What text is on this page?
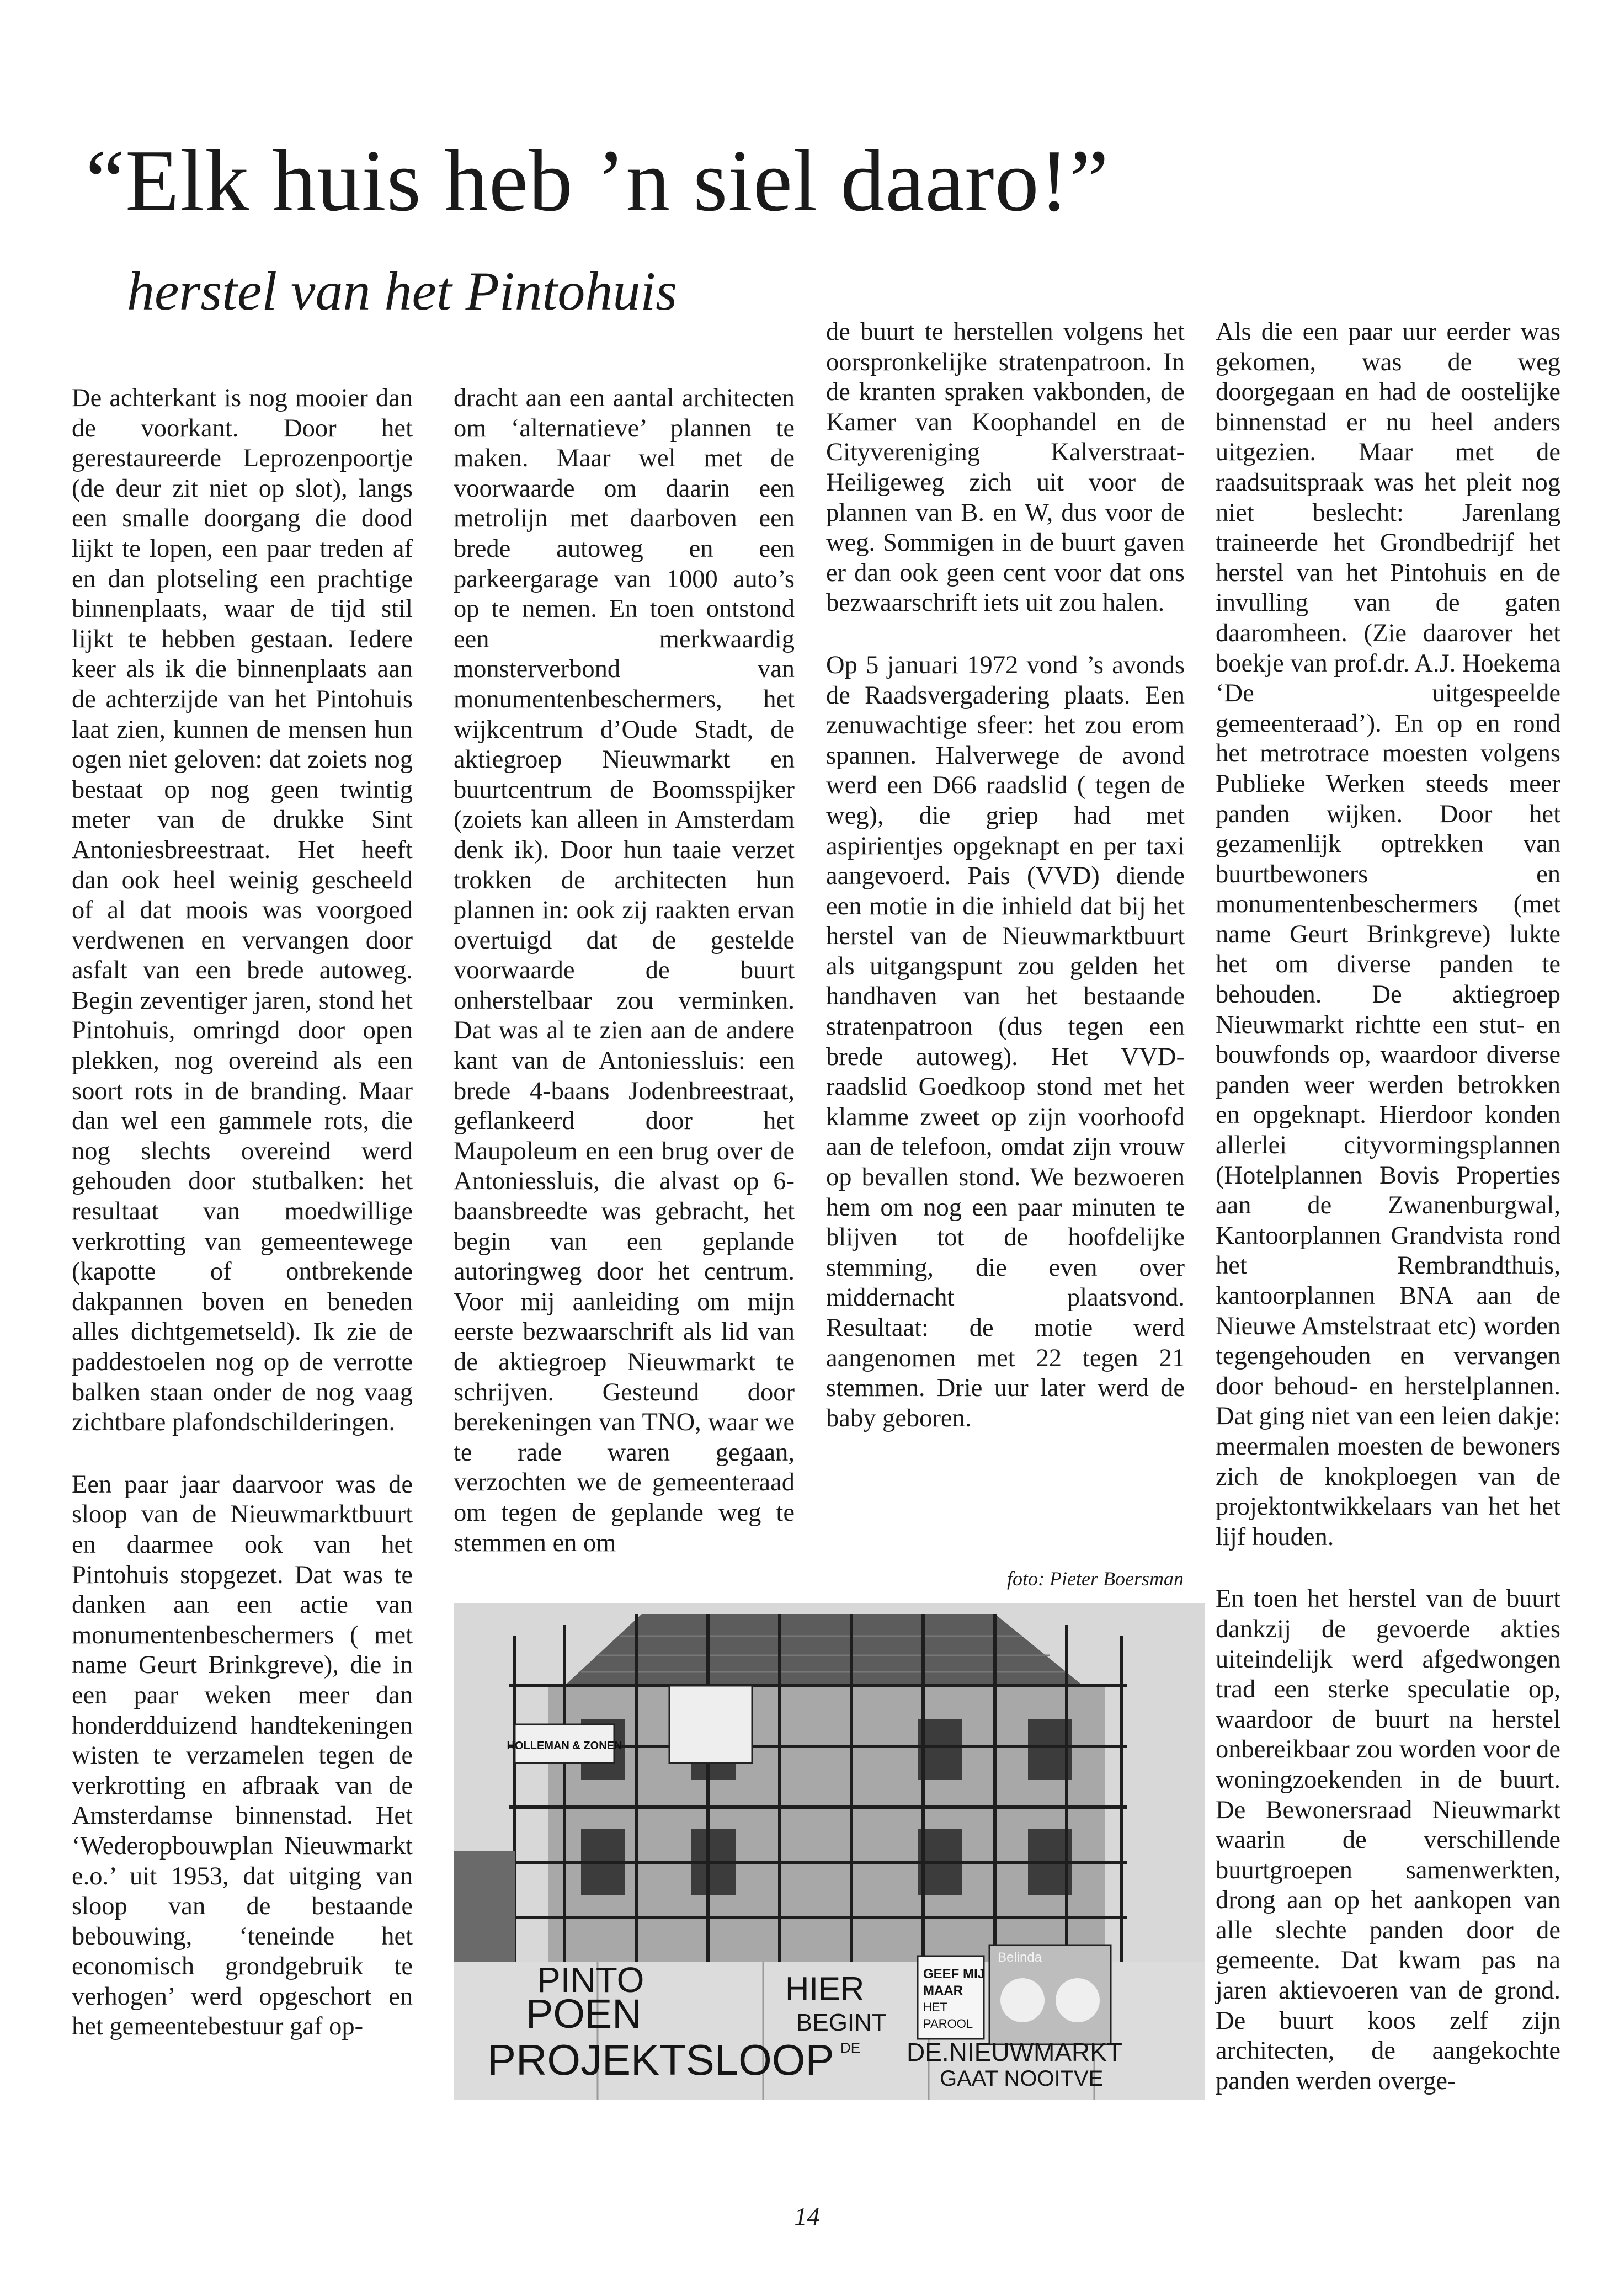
“Elk huis heb ’n siel daaro!”
herstel van het Pintohuis

De achterkant is nog mooier dan de voorkant. Door het gerestaureerde Leprozenpoortje (de deur zit niet op slot), langs een smalle doorgang die dood lijkt te lopen, een paar treden af en dan plotseling een prachtige binnenplaats, waar de tijd stil lijkt te hebben gestaan. Iedere keer als ik die binnenplaats aan de achterzijde van het Pintohuis laat zien, kunnen de mensen hun ogen niet geloven: dat zoiets nog bestaat op nog geen twintig meter van de drukke Sint Antoniesbreestraat. Het heeft dan ook heel weinig gescheeld of al dat moois was voorgoed verdwenen en vervangen door asfalt van een brede autoweg. Begin zeventiger jaren, stond het Pintohuis, omringd door open plekken, nog overeind als een soort rots in de branding. Maar dan wel een gammele rots, die nog slechts overeind werd gehouden door stutbalken: het resultaat van moedwillige verkrotting van gemeentewege (kapotte of ontbrekende dakpannen boven en beneden alles dichtgemetseld). Ik zie de paddestoelen nog op de verrotte balken staan onder de nog vaag zichtbare plafondschilderingen.

Een paar jaar daarvoor was de sloop van de Nieuwmarktbuurt en daarmee ook van het Pintohuis stopgezet. Dat was te danken aan een actie van monumentenbeschermers ( met name Geurt Brinkgreve), die in een paar weken meer dan honderdduizend handtekeningen wisten te verzamelen tegen de verkrotting en afbraak van de Amsterdamse binnenstad. Het ‘Wederopbouwplan Nieuwmarkt e.o.’ uit 1953, dat uitging van sloop van de bestaande bebouwing, ‘teneinde het economisch grondgebruik te verhogen’ werd opgeschort en het gemeentebestuur gaf op-

dracht aan een aantal architecten om ‘alternatieve’ plannen te maken. Maar wel met de voorwaarde om daarin een metrolijn met daarboven een brede autoweg en een parkeergarage van 1000 auto’s op te nemen. En toen ontstond een merkwaardig monsterverbond van monumentenbeschermers, het wijkcentrum d’Oude Stadt, de aktiegroep Nieuwmarkt en buurtcentrum de Boomsspijker (zoiets kan alleen in Amsterdam denk ik). Door hun taaie verzet trokken de architecten hun plannen in: ook zij raakten ervan overtuigd dat de gestelde voorwaarde de buurt onherstelbaar zou verminken. Dat was al te zien aan de andere kant van de Antoniessluis: een brede 4-baans Jodenbreestraat, geflankeerd door het Maupoleum en een brug over de Antoniessluis, die alvast op 6-baansbreedte was gebracht, het begin van een geplande autoringweg door het centrum. Voor mij aanleiding om mijn eerste bezwaarschrift als lid van de aktiegroep Nieuwmarkt te schrijven. Gesteund door berekeningen van TNO, waar we te rade waren gegaan, verzochten we de gemeenteraad om tegen de geplande weg te stemmen en om

de buurt te herstellen volgens het oorspronkelijke stratenpatroon. In de kranten spraken vakbonden, de Kamer van Koophandel en de Cityvereniging Kalverstraat- Heiligeweg zich uit voor de plannen van B. en W, dus voor de weg. Sommigen in de buurt gaven er dan ook geen cent voor dat ons bezwaarschrift iets uit zou halen.

Op 5 januari 1972 vond ’s avonds de Raadsvergadering plaats. Een zenuwachtige sfeer: het zou erom spannen. Halverwege de avond werd een D66 raadslid ( tegen de weg), die griep had met aspirientjes opgeknapt en per taxi aangevoerd. Pais (VVD) diende een motie in die inhield dat bij het herstel van de Nieuwmarktbuurt als uitgangspunt zou gelden het handhaven van het bestaande stratenpatroon (dus tegen een brede autoweg). Het VVD-raadslid Goedkoop stond met het klamme zweet op zijn voorhoofd aan de telefoon, omdat zijn vrouw op bevallen stond. We bezwoeren hem om nog een paar minuten te blijven tot de hoofdelijke stemming, die even over middernacht plaatsvond. Resultaat: de motie werd aangenomen met 22 tegen 21 stemmen. Drie uur later werd de baby geboren.

Als die een paar uur eerder was gekomen, was de weg doorgegaan en had de oostelijke binnenstad er nu heel anders uitgezien. Maar met de raadsuitspraak was het pleit nog niet beslecht: Jarenlang traineerde het Grondbedrijf het herstel van het Pintohuis en de invulling van de gaten daaromheen. (Zie daarover het boekje van prof.dr. A.J. Hoekema ‘De uitgespeelde gemeenteraad’). En op en rond het metrotrace moesten volgens Publieke Werken steeds meer panden wijken. Door het gezamenlijk optrekken van buurtbewoners en monumentenbeschermers (met name Geurt Brinkgreve) lukte het om diverse panden te behouden. De aktiegroep Nieuwmarkt richtte een stut- en bouwfonds op, waardoor diverse panden weer werden betrokken en opgeknapt. Hierdoor konden allerlei cityvormingsplannen (Hotelplannen Bovis Properties aan de Zwanenburgwal, Kantoorplannen Grandvista rond het Rembrandthuis, kantoorplannen BNA aan de Nieuwe Amstelstraat etc) worden tegengehouden en vervangen door behoud- en herstelplannen. Dat ging niet van een leien dakje: meermalen moesten de bewoners zich de knokploegen van de projektontwikkelaars van het het lijf houden.

En toen het herstel van de buurt dankzij de gevoerde akties uiteindelijk werd afgedwongen trad een sterke speculatie op, waardoor de buurt na herstel onbereikbaar zou worden voor de woningzoekenden in de buurt. De Bewonersraad Nieuwmarkt waarin de verschillende buurtgroepen samenwerkten, drong aan op het aankopen van alle slechte panden door de gemeente. Dat kwam pas na jaren aktievoeren van de grond. De buurt koos zelf zijn architecten, de aangekochte panden werden overge-

foto: Pieter Boersman
HOLLEMAN & ZONEN
GEEF MIJ
MAAR
HET
PAROOL
Belinda
PINTO
POEN
HIER
BEGINT
DE
PROJEKTSLOOP	DE.NIEUWMARKT
GAAT NOOITVE
14
